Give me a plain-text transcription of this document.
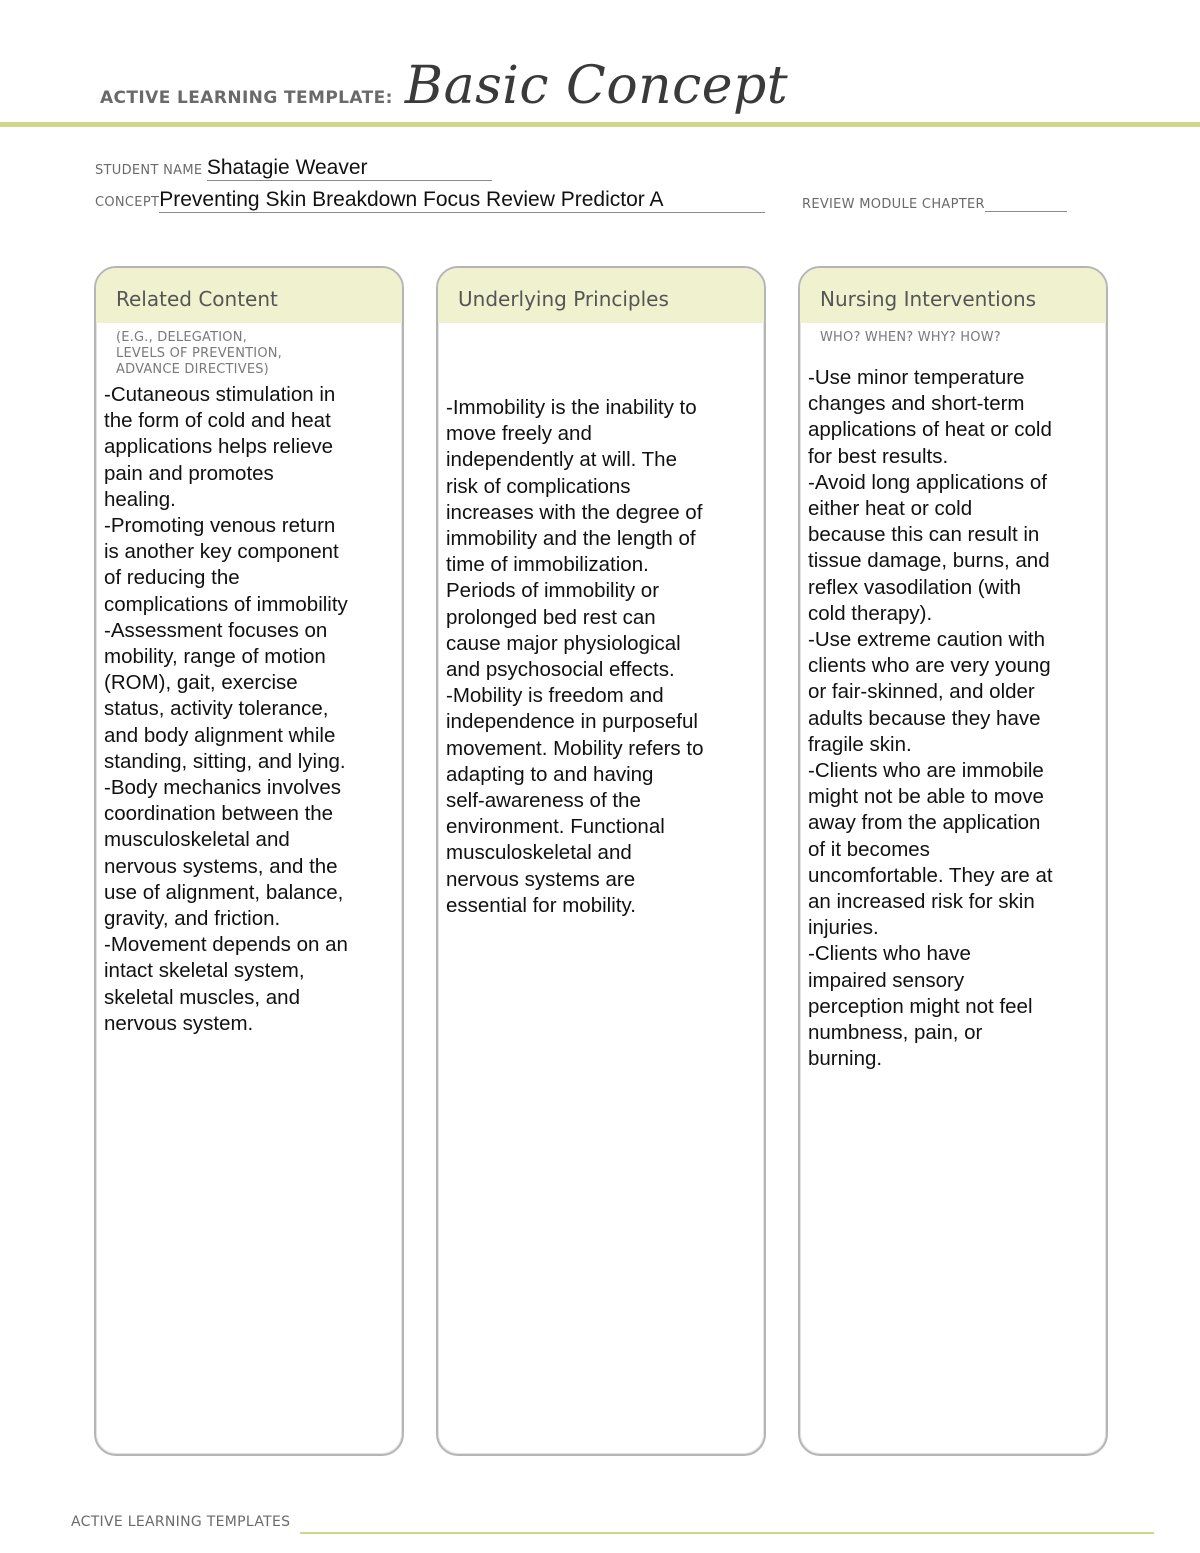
ACTIVE LEARNING TEMPLATE: Basic Concept
STUDENT NAME Shatagie Weaver
CONCEPTPreventing Skin Breakdown Focus Review Predictor A	REVIEW MODULE CHAPTER
Related Content
(E.G., DELEGATION,
LEVELS OF PREVENTION,
ADVANCE DIRECTIVES)
-Cutaneous stimulation in
the form of cold and heat
applications helps relieve
pain and promotes
healing.
-Promoting venous return
is another key component
of reducing the
complications of immobility
-Assessment focuses on
mobility, range of motion
(ROM), gait, exercise
status, activity tolerance,
and body alignment while
standing, sitting, and lying.
-Body mechanics involves
coordination between the
musculoskeletal and
nervous systems, and the
use of alignment, balance,
gravity, and friction.
-Movement depends on an
intact skeletal system,
skeletal muscles, and
nervous system.
Underlying Principles
-Immobility is the inability to
move freely and
independently at will. The
risk of complications
increases with the degree of
immobility and the length of
time of immobilization.
Periods of immobility or
prolonged bed rest can
cause major physiological
and psychosocial effects.
-Mobility is freedom and
independence in purposeful
movement. Mobility refers to
adapting to and having
self-awareness of the
environment. Functional
musculoskeletal and
nervous systems are
essential for mobility.
Nursing Interventions
WHO? WHEN? WHY? HOW?
-Use minor temperature
changes and short-term
applications of heat or cold
for best results.
-Avoid long applications of
either heat or cold
because this can result in
tissue damage, burns, and
reflex vasodilation (with
cold therapy).
-Use extreme caution with
clients who are very young
or fair-skinned, and older
adults because they have
fragile skin.
-Clients who are immobile
might not be able to move
away from the application
of it becomes
uncomfortable. They are at
an increased risk for skin
injuries.
-Clients who have
impaired sensory
perception might not feel
numbness, pain, or
burning.
ACTIVE LEARNING TEMPLATES
